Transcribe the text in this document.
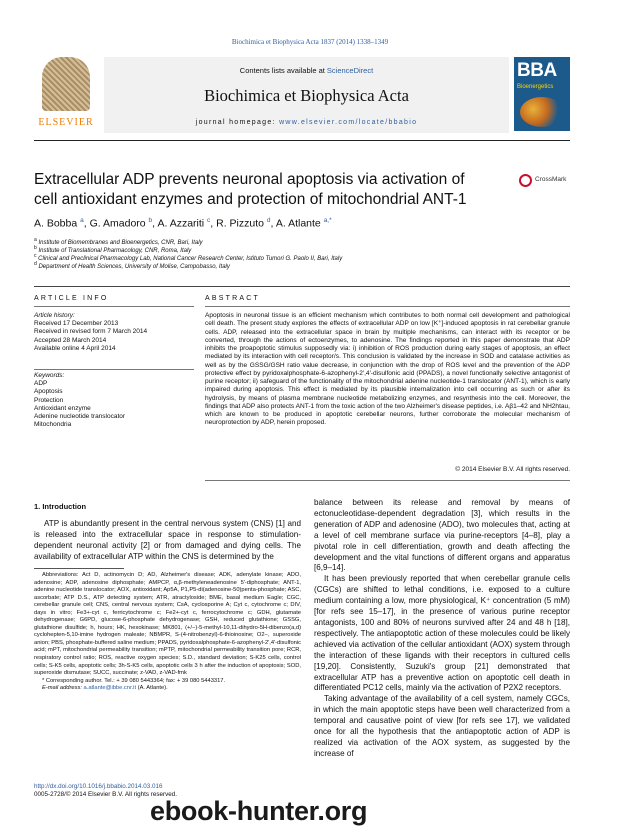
Biochimica et Biophysica Acta 1837 (2014) 1338–1349
ELSEVIER
Contents lists available at ScienceDirect
Biochimica et Biophysica Acta
journal homepage: www.elsevier.com/locate/bbabio
BBA
Bioenergetics
Extracellular ADP prevents neuronal apoptosis via activation of cell antioxidant enzymes and protection of mitochondrial ANT-1
CrossMark
A. Bobba $^a$, G. Amadoro $^b$, A. Azzariti $^c$, R. Pizzuto $^d$, A. Atlante $^{a,*}$
$^a$ Institute of Biomembranes and Bioenergetics, CNR, Bari, Italy
$^b$ Institute of Translational Pharmacology, CNR, Roma, Italy
$^c$ Clinical and Preclinical Pharmacology Lab, National Cancer Research Center, Istituto Tumori G. Paolo II, Bari, Italy
$^d$ Department of Health Sciences, University of Molise, Campobasso, Italy
ARTICLE INFO	ABSTRACT
Article history:
Received 17 December 2013
Received in revised form 7 March 2014
Accepted 28 March 2014
Available online 4 April 2014
Keywords:
ADP
Apoptosis
Protection
Antioxidant enzyme
Adenine nucleotide translocator
Mitochondria
Apoptosis in neuronal tissue is an efficient mechanism which contributes to both normal cell development and pathological cell death. The present study explores the effects of extracellular ADP on low [K⁺]-induced apoptosis in rat cerebellar granule cells. ADP, released into the extracellular space in brain by multiple mechanisms, can interact with its receptor or be converted, through the actions of ectoenzymes, to adenosine. The findings reported in this paper demonstrate that ADP inhibits the proapoptotic stimulus supposedly via: i) inhibition of ROS production during early stages of apoptosis, an effect mediated by its interaction with cell receptor/s. This conclusion is validated by the increase in SOD and catalase activities as well as by the GSSG/GSH ratio value decrease, in conjunction with the drop of ROS level and the prevention of the ADP protective effect by pyridoxalphosphate-6-azophenyl-2′,4′-disulfonic acid (PPADS), a novel functionally selective antagonist of purine receptor; ii) safeguard of the functionality of the mitochondrial adenine nucleotide-1 translocator (ANT-1), which is early impaired during apoptosis. This effect is mediated by its plausible internalization into cell occurring as such or after its hydrolysis, by means of plasma membrane nucleotide metabolizing enzymes, and resynthesis into the cell. Moreover, the findings that ADP also protects ANT-1 from the toxic action of the two Alzheimer's disease peptides, i.e. Aβ1–42 and NH2htau, which are known to be produced in apoptotic cerebellar neurons, further corroborate the molecular mechanism of neuroprotection by ADP, herein proposed.
© 2014 Elsevier B.V. All rights reserved.
1. Introduction
ATP is abundantly present in the central nervous system (CNS) [1] and is released into the extracellular space in response to stimulation-dependent neuronal activity [2] or from damaged and dying cells. The availability of extracellular ATP within the CNS is determined by the
Abbreviations: Act D, actinomycin D; AD, Alzheimer's disease; ADK, adenylate kinase; ADO, adenosine; ADP, adenosine diphosphate; AMPCP, α,β-methyleneadenosine 5′-diphosphate; ANT-1, adenine nucleotide translocator; AOX, antioxidant; Ap5A, P1,P5-di(adenosine-50)penta-phosphate; ASC, ascorbate; ATP D.S., ATP detecting system; ATR, atractyloside; BME, basal medium Eagle; CGC, cerebellar granule cell; CNS, central nervous system; CsA, cyclosporine A; Cyt c, cytochrome c; DIV, days in vitro; Fe3+-cyt c, ferricytochrome c; Fe2+-cyt c, ferrocytochrome c; GDH, glutamate dehydrogenase; G6PD, glucose-6-phosphate dehydrogenase; GSH, reduced glutathione; GSSG, glutathione disulfide; h, hours; HK, hexokinase; MK801, (+/−)-5-methyl-10,11-dihydro-5H-dibenzo(a,d) cyclohepten-5,10-imine hydrogen maleate; NBMPR, S-(4-nitrobenzyl)-6-thioinosine; O2−, superoxide anion; PBS, phosphate-buffered saline medium; PPADS, pyridoxalphosphate-6-azophenyl-2′,4′-disulfonic acid; mPT, mitochondrial permeability transition; mPTP, mitochondrial permeability transition pore; RCR, respiratory control ratio; ROS, reactive oxygen species; S.D., standard deviation; S-K25 cells, control cells; S-K5 cells, apoptotic cells; 3h-S-K5 cells, apoptotic cells 3 h after the induction of apoptosis; SOD, superoxide dismutase; SUCC, succinate; z-VAD, z-VAD-fmk
* Corresponding author. Tel.: + 39 080 5443364; fax: + 39 080 5443317.
E-mail address: a.atlante@ibbe.cnr.it (A. Atlante).

balance between its release and removal by means of ectonucleotidase-dependent degradation [3], which results in the generation of ADP and adenosine (ADO), two molecules that, acting at a level of cell membrane surface via purine-receptors [4–8], play a pivotal role in cell differentiation, growth and death affecting the development and the vital functions of different organs and apparatus [6,9–14].

It has been previously reported that when cerebellar granule cells (CGCs) are shifted to lethal conditions, i.e. exposed to a culture medium containing a low, more physiological, K⁺ concentration (5 mM) [for refs see 15–17], in the presence of various purine receptor antagonists, 100 and 80% of neurons survived after 24 and 48 h [18], respectively. The antiapoptotic action of these molecules could be likely achieved via activation of the cellular antioxidant (AOX) system through the interaction of these ligands with their receptors in cultured cells [19,20]. Consistently, Suzuki's group [21] demonstrated that extracellular ATP has a preventive action on apoptotic cell death in differentiated PC12 cells, mainly via the activation of P2X2 receptors.

Taking advantage of the availability of a cell system, namely CGCs, in which the main apoptotic steps have been well characterized from a temporal and causative point of view [for refs see 17], we validated once for all the hypothesis that the antiapoptotic action of ADP is realized via activation of the AOX system, as suggested by the increase of

http://dx.doi.org/10.1016/j.bbabio.2014.03.016
0005-2728/© 2014 Elsevier B.V. All rights reserved.
ebook-hunter.org
